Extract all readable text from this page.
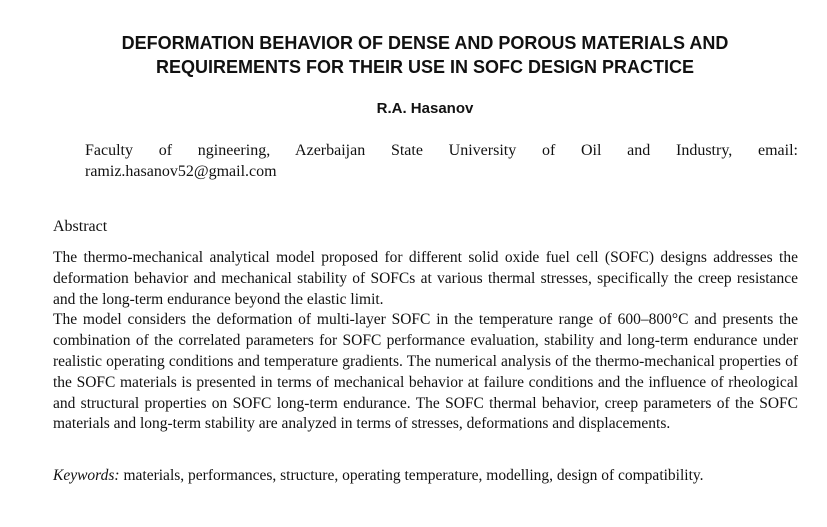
DEFORMATION BEHAVIOR OF DENSE AND POROUS MATERIALS AND
REQUIREMENTS FOR THEIR USE IN SOFC DESIGN PRACTICE
R.A. Hasanov
Faculty of ngineering, Azerbaijan State University of Oil and Industry, email:
ramiz.hasanov52@gmail.com
Abstract

The thermo-mechanical analytical model proposed for different solid oxide fuel cell (SOFC) designs addresses the deformation behavior and mechanical stability of SOFCs at various thermal stresses, specifically the creep resistance and the long-term endurance beyond the elastic limit.

The model considers the deformation of multi-layer SOFC in the temperature range of 600–800°C and presents the combination of the correlated parameters for SOFC performance evaluation, stability and long-term endurance under realistic operating conditions and temperature gradients. The numerical analysis of the thermo-mechanical properties of the SOFC materials is presented in terms of mechanical behavior at failure conditions and the influence of rheological and structural properties on SOFC long-term endurance. The SOFC thermal behavior, creep parameters of the SOFC materials and long-term stability are analyzed in terms of stresses, deformations and displacements.

Keywords: materials, performances, structure, operating temperature, modelling, design of compatibility.
